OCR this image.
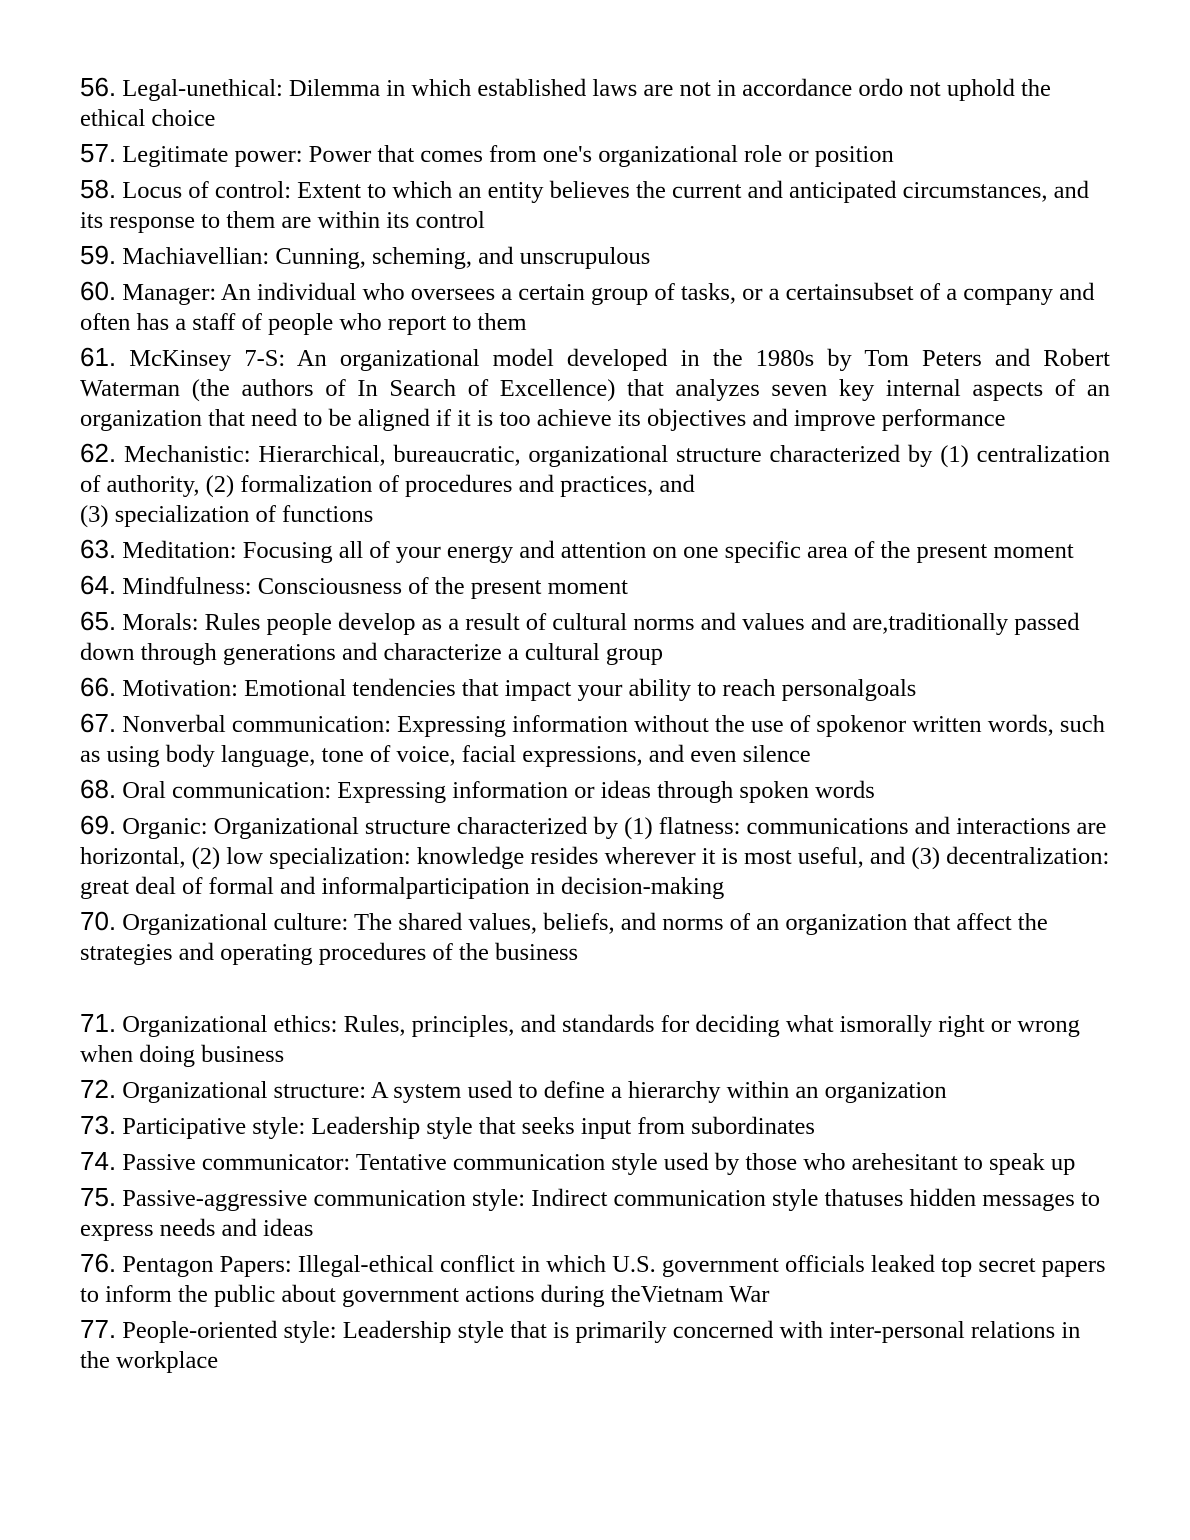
56. Legal-unethical: Dilemma in which established laws are not in accordance ordo not uphold the ethical choice
57. Legitimate power: Power that comes from one's organizational role or position
58. Locus of control: Extent to which an entity believes the current and anticipated circumstances, and its response to them are within its control
59. Machiavellian: Cunning, scheming, and unscrupulous
60. Manager: An individual who oversees a certain group of tasks, or a certainsubset of a company and often has a staff of people who report to them
61. McKinsey 7-S: An organizational model developed in the 1980s by Tom Peters and Robert Waterman (the authors of In Search of Excellence) that analyzes seven key internal aspects of an organization that need to be aligned if it is too achieve its objectives and improve performance
62. Mechanistic: Hierarchical, bureaucratic, organizational structure characterized by (1) centralization of authority, (2) formalization of procedures and practices, and
(3) specialization of functions
63. Meditation: Focusing all of your energy and attention on one specific area of the present moment
64. Mindfulness: Consciousness of the present moment
65. Morals: Rules people develop as a result of cultural norms and values and are,traditionally passed down through generations and characterize a cultural group
66. Motivation: Emotional tendencies that impact your ability to reach personalgoals
67. Nonverbal communication: Expressing information without the use of spokenor written words, such as using body language, tone of voice, facial expressions, and even silence
68. Oral communication: Expressing information or ideas through spoken words
69. Organic: Organizational structure characterized by (1) flatness: communications and interactions are horizontal, (2) low specialization: knowledge resides wherever it is most useful, and (3) decentralization: great deal of formal and informalparticipation in decision-making
70. Organizational culture: The shared values, beliefs, and norms of an organization that affect the strategies and operating procedures of the business
71. Organizational ethics: Rules, principles, and standards for deciding what ismorally right or wrong when doing business
72. Organizational structure: A system used to define a hierarchy within an organization
73. Participative style: Leadership style that seeks input from subordinates
74. Passive communicator: Tentative communication style used by those who arehesitant to speak up
75. Passive-aggressive communication style: Indirect communication style thatuses hidden messages to express needs and ideas
76. Pentagon Papers: Illegal-ethical conflict in which U.S. government officials leaked top secret papers to inform the public about government actions during theVietnam War
77. People-oriented style: Leadership style that is primarily concerned with inter-personal relations in the workplace
